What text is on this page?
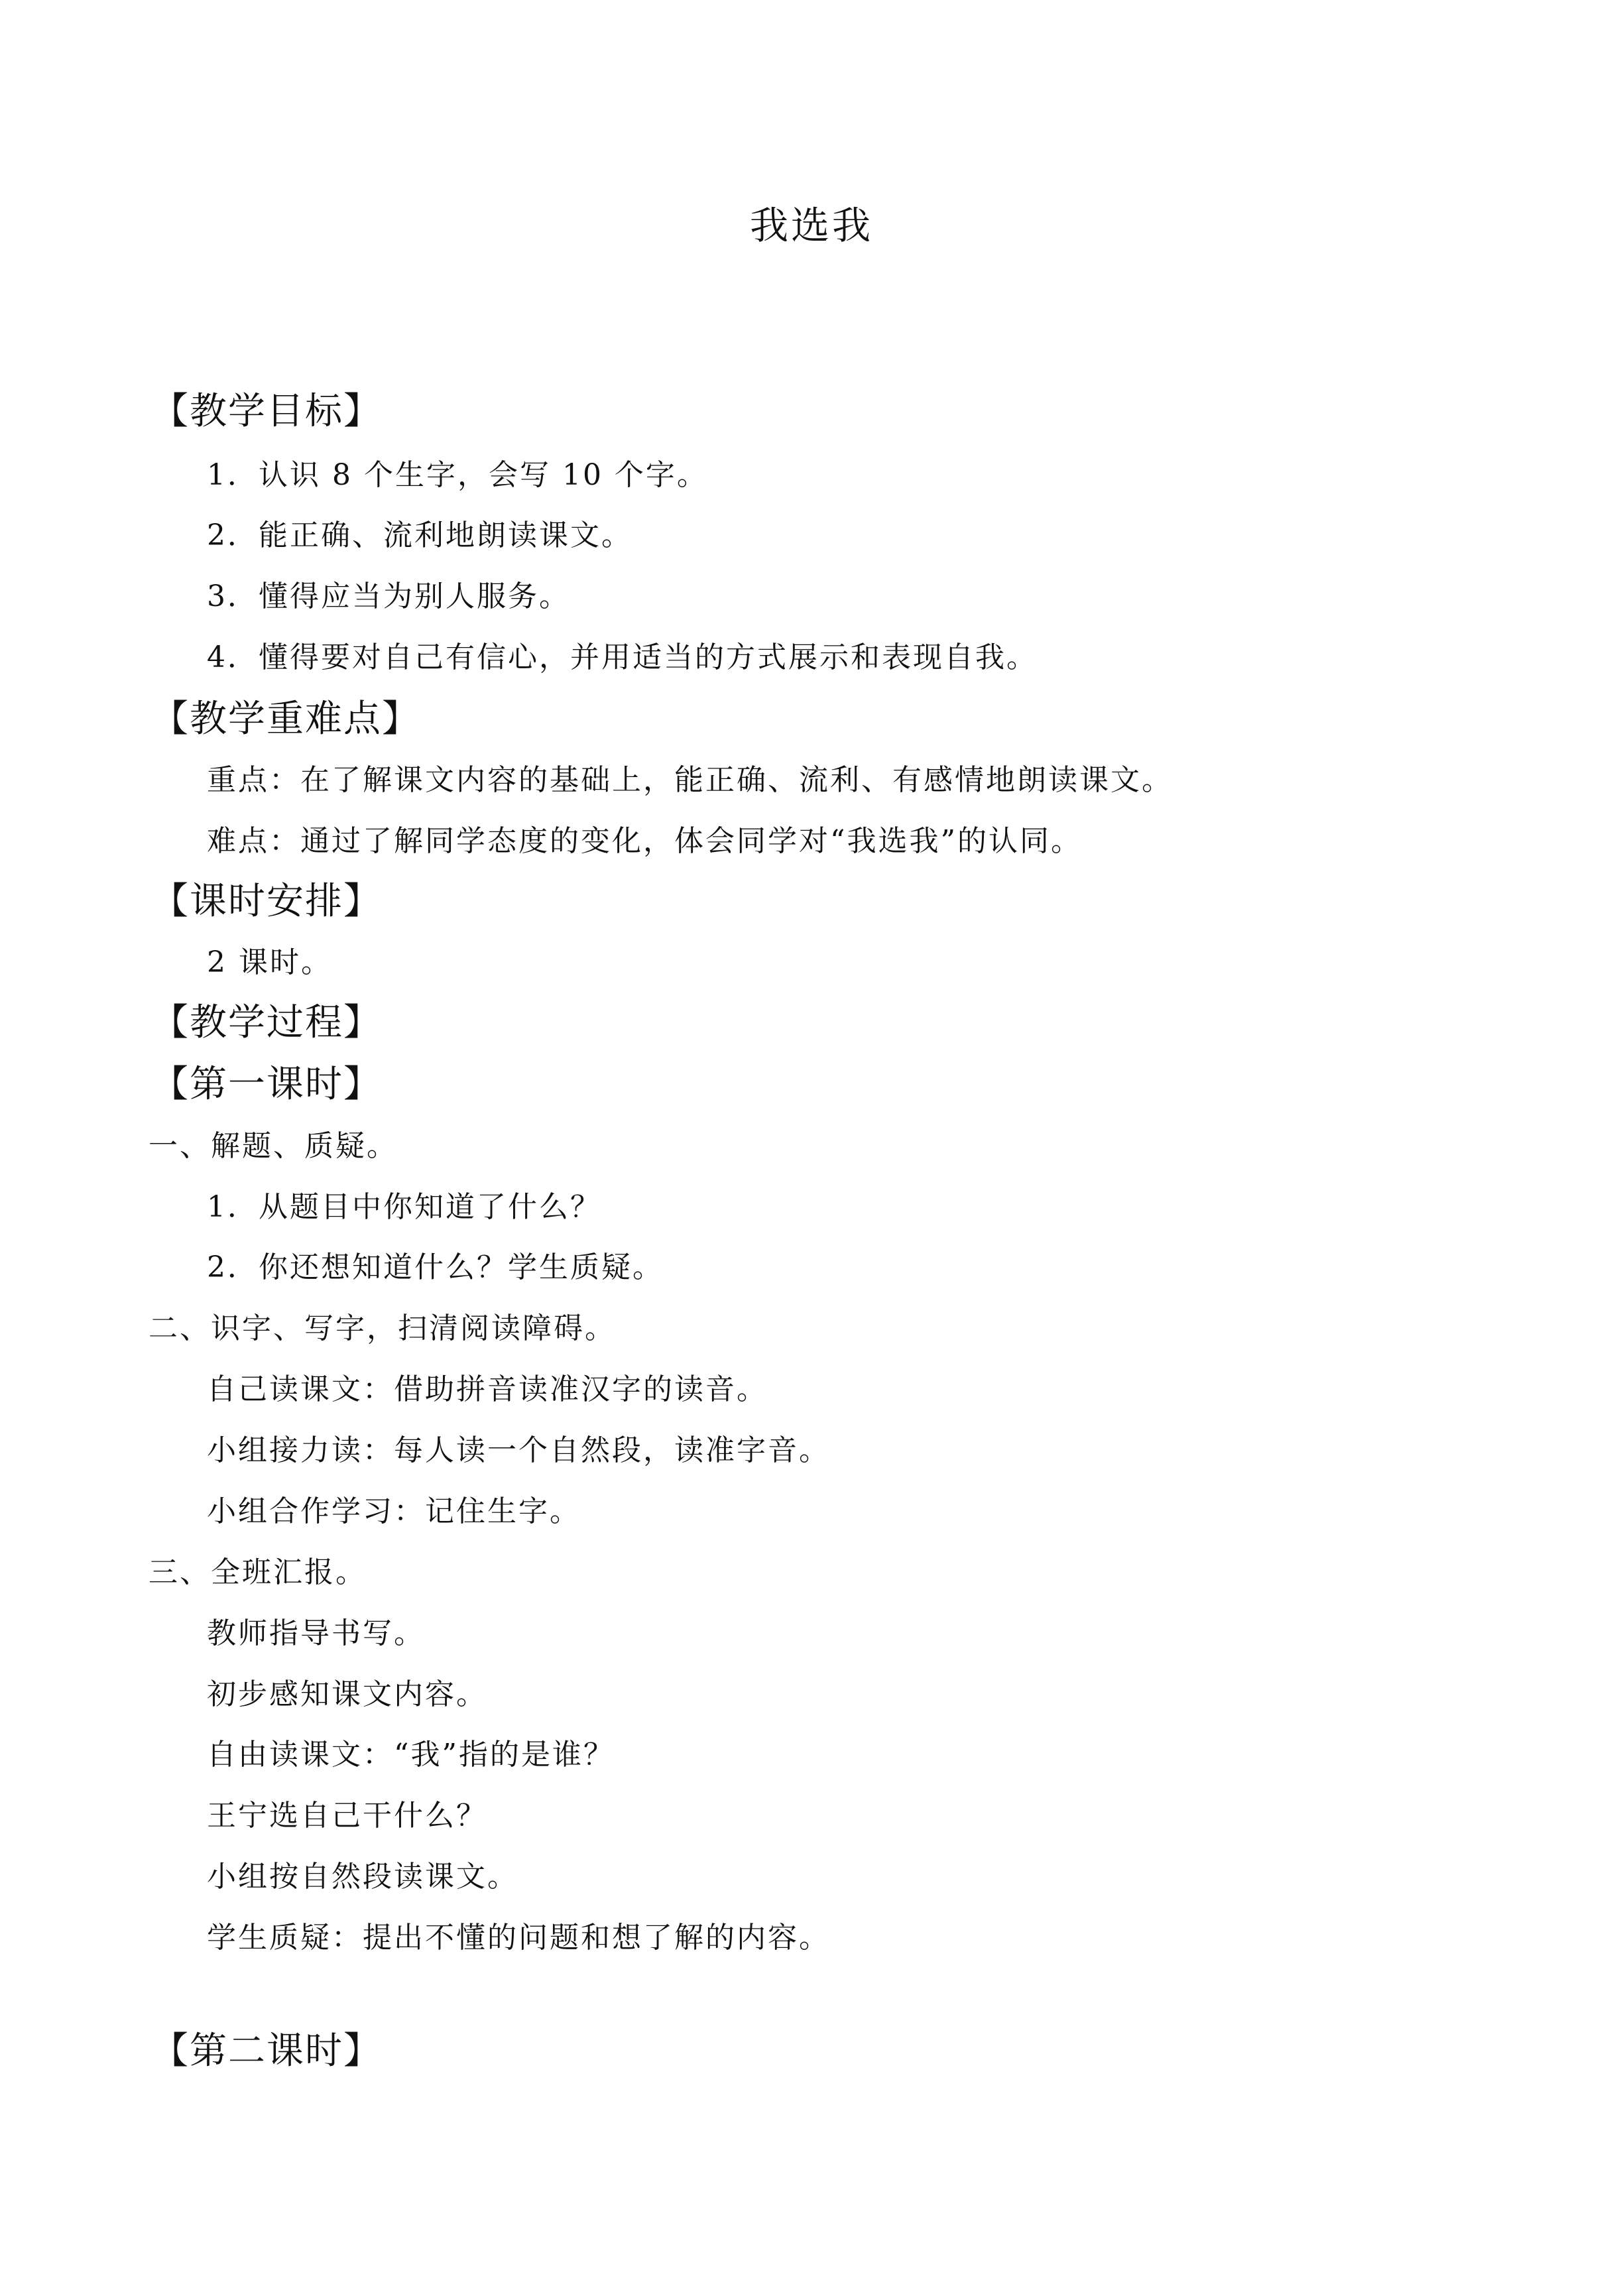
我选我
【教学目标】
1．认识 8 个生字，会写 10 个字。
2．能正确、流利地朗读课文。
3．懂得应当为别人服务。
4．懂得要对自己有信心，并用适当的方式展示和表现自我。
【教学重难点】
重点：在了解课文内容的基础上，能正确、流利、有感情地朗读课文。
难点：通过了解同学态度的变化，体会同学对“我选我”的认同。
【课时安排】
2 课时。
【教学过程】
【第一课时】
一、解题、质疑。
1．从题目中你知道了什么？
2．你还想知道什么？学生质疑。
二、识字、写字，扫清阅读障碍。
自己读课文：借助拼音读准汉字的读音。
小组接力读：每人读一个自然段，读准字音。
小组合作学习：记住生字。
三、全班汇报。
教师指导书写。
初步感知课文内容。
自由读课文：“我”指的是谁？
王宁选自己干什么？
小组按自然段读课文。
学生质疑：提出不懂的问题和想了解的内容。
【第二课时】
